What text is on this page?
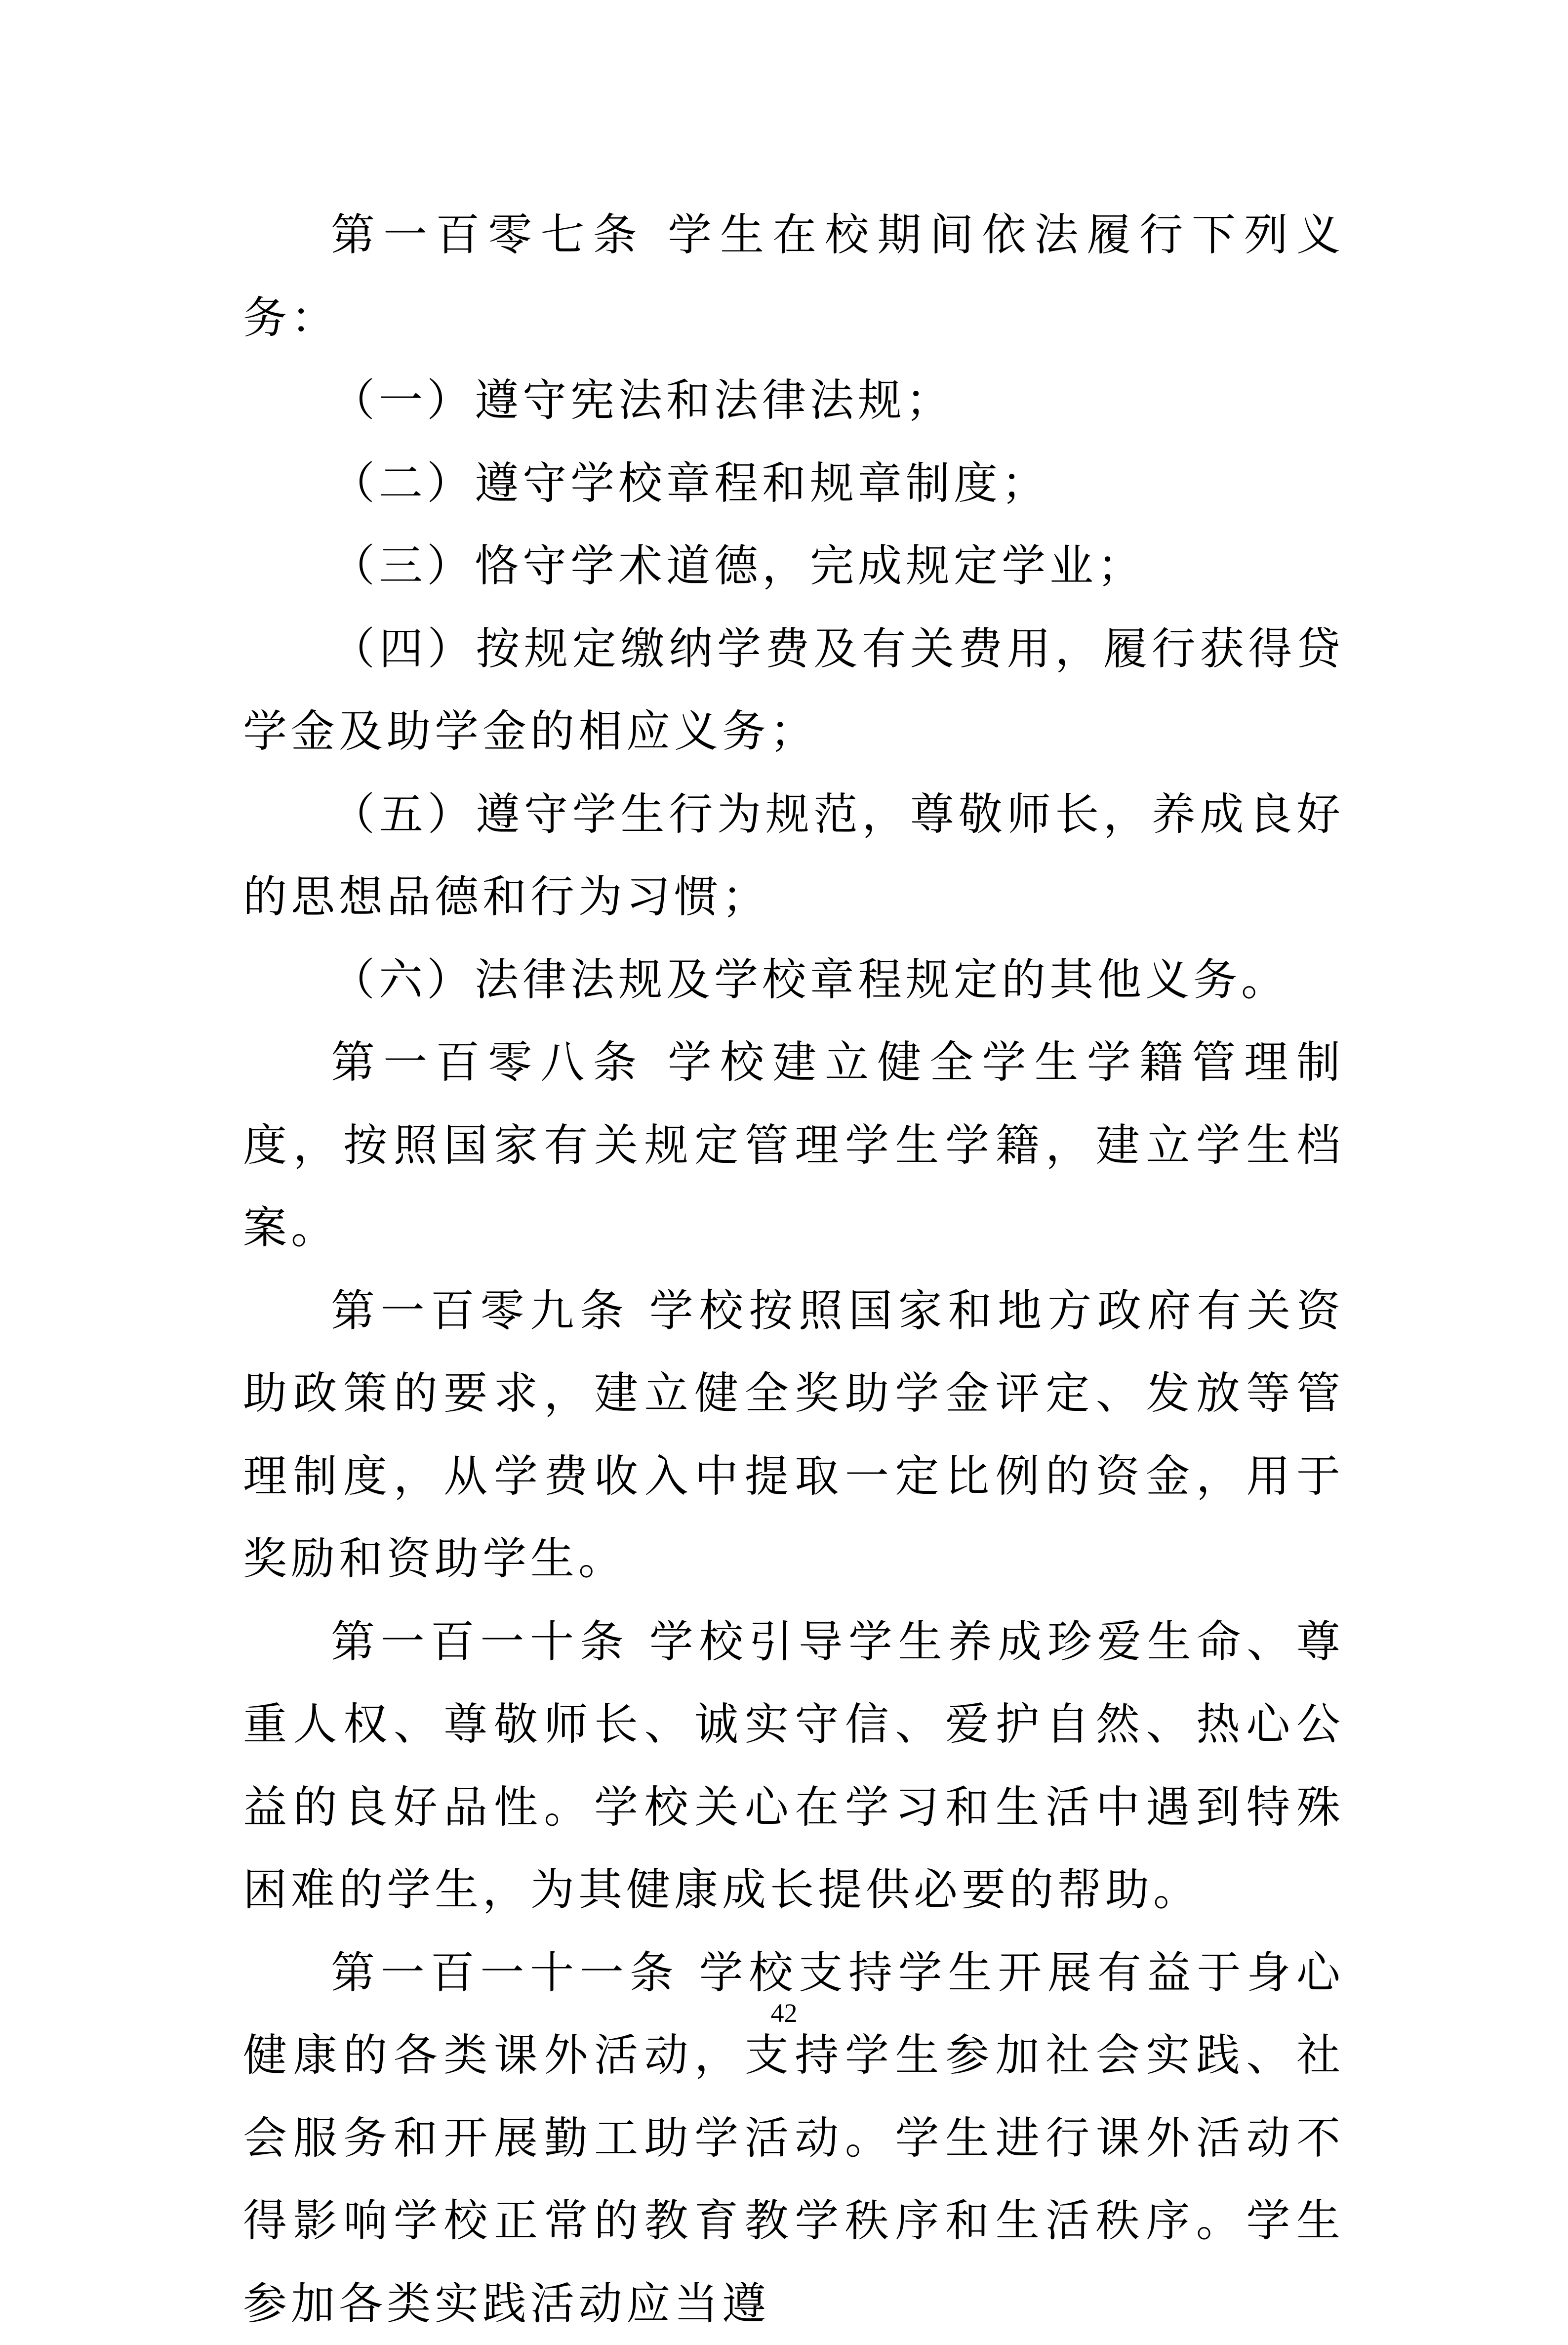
第一百零七条 学生在校期间依法履行下列义务：

（一）遵守宪法和法律法规；

（二）遵守学校章程和规章制度；

（三）恪守学术道德，完成规定学业；

（四）按规定缴纳学费及有关费用，履行获得贷学金及助学金的相应义务；

（五）遵守学生行为规范，尊敬师长，养成良好的思想品德和行为习惯；

（六）法律法规及学校章程规定的其他义务。

第一百零八条 学校建立健全学生学籍管理制度，按照国家有关规定管理学生学籍，建立学生档案。

第一百零九条 学校按照国家和地方政府有关资助政策的要求，建立健全奖助学金评定、发放等管理制度，从学费收入中提取一定比例的资金，用于奖励和资助学生。

第一百一十条 学校引导学生养成珍爱生命、尊重人权、尊敬师长、诚实守信、爱护自然、热心公益的良好品性。学校关心在学习和生活中遇到特殊困难的学生，为其健康成长提供必要的帮助。

第一百一十一条 学校支持学生开展有益于身心健康的各类课外活动，支持学生参加社会实践、社会服务和开展勤工助学活动。学生进行课外活动不得影响学校正常的教育教学秩序和生活秩序。学生参加各类实践活动应当遵

42
